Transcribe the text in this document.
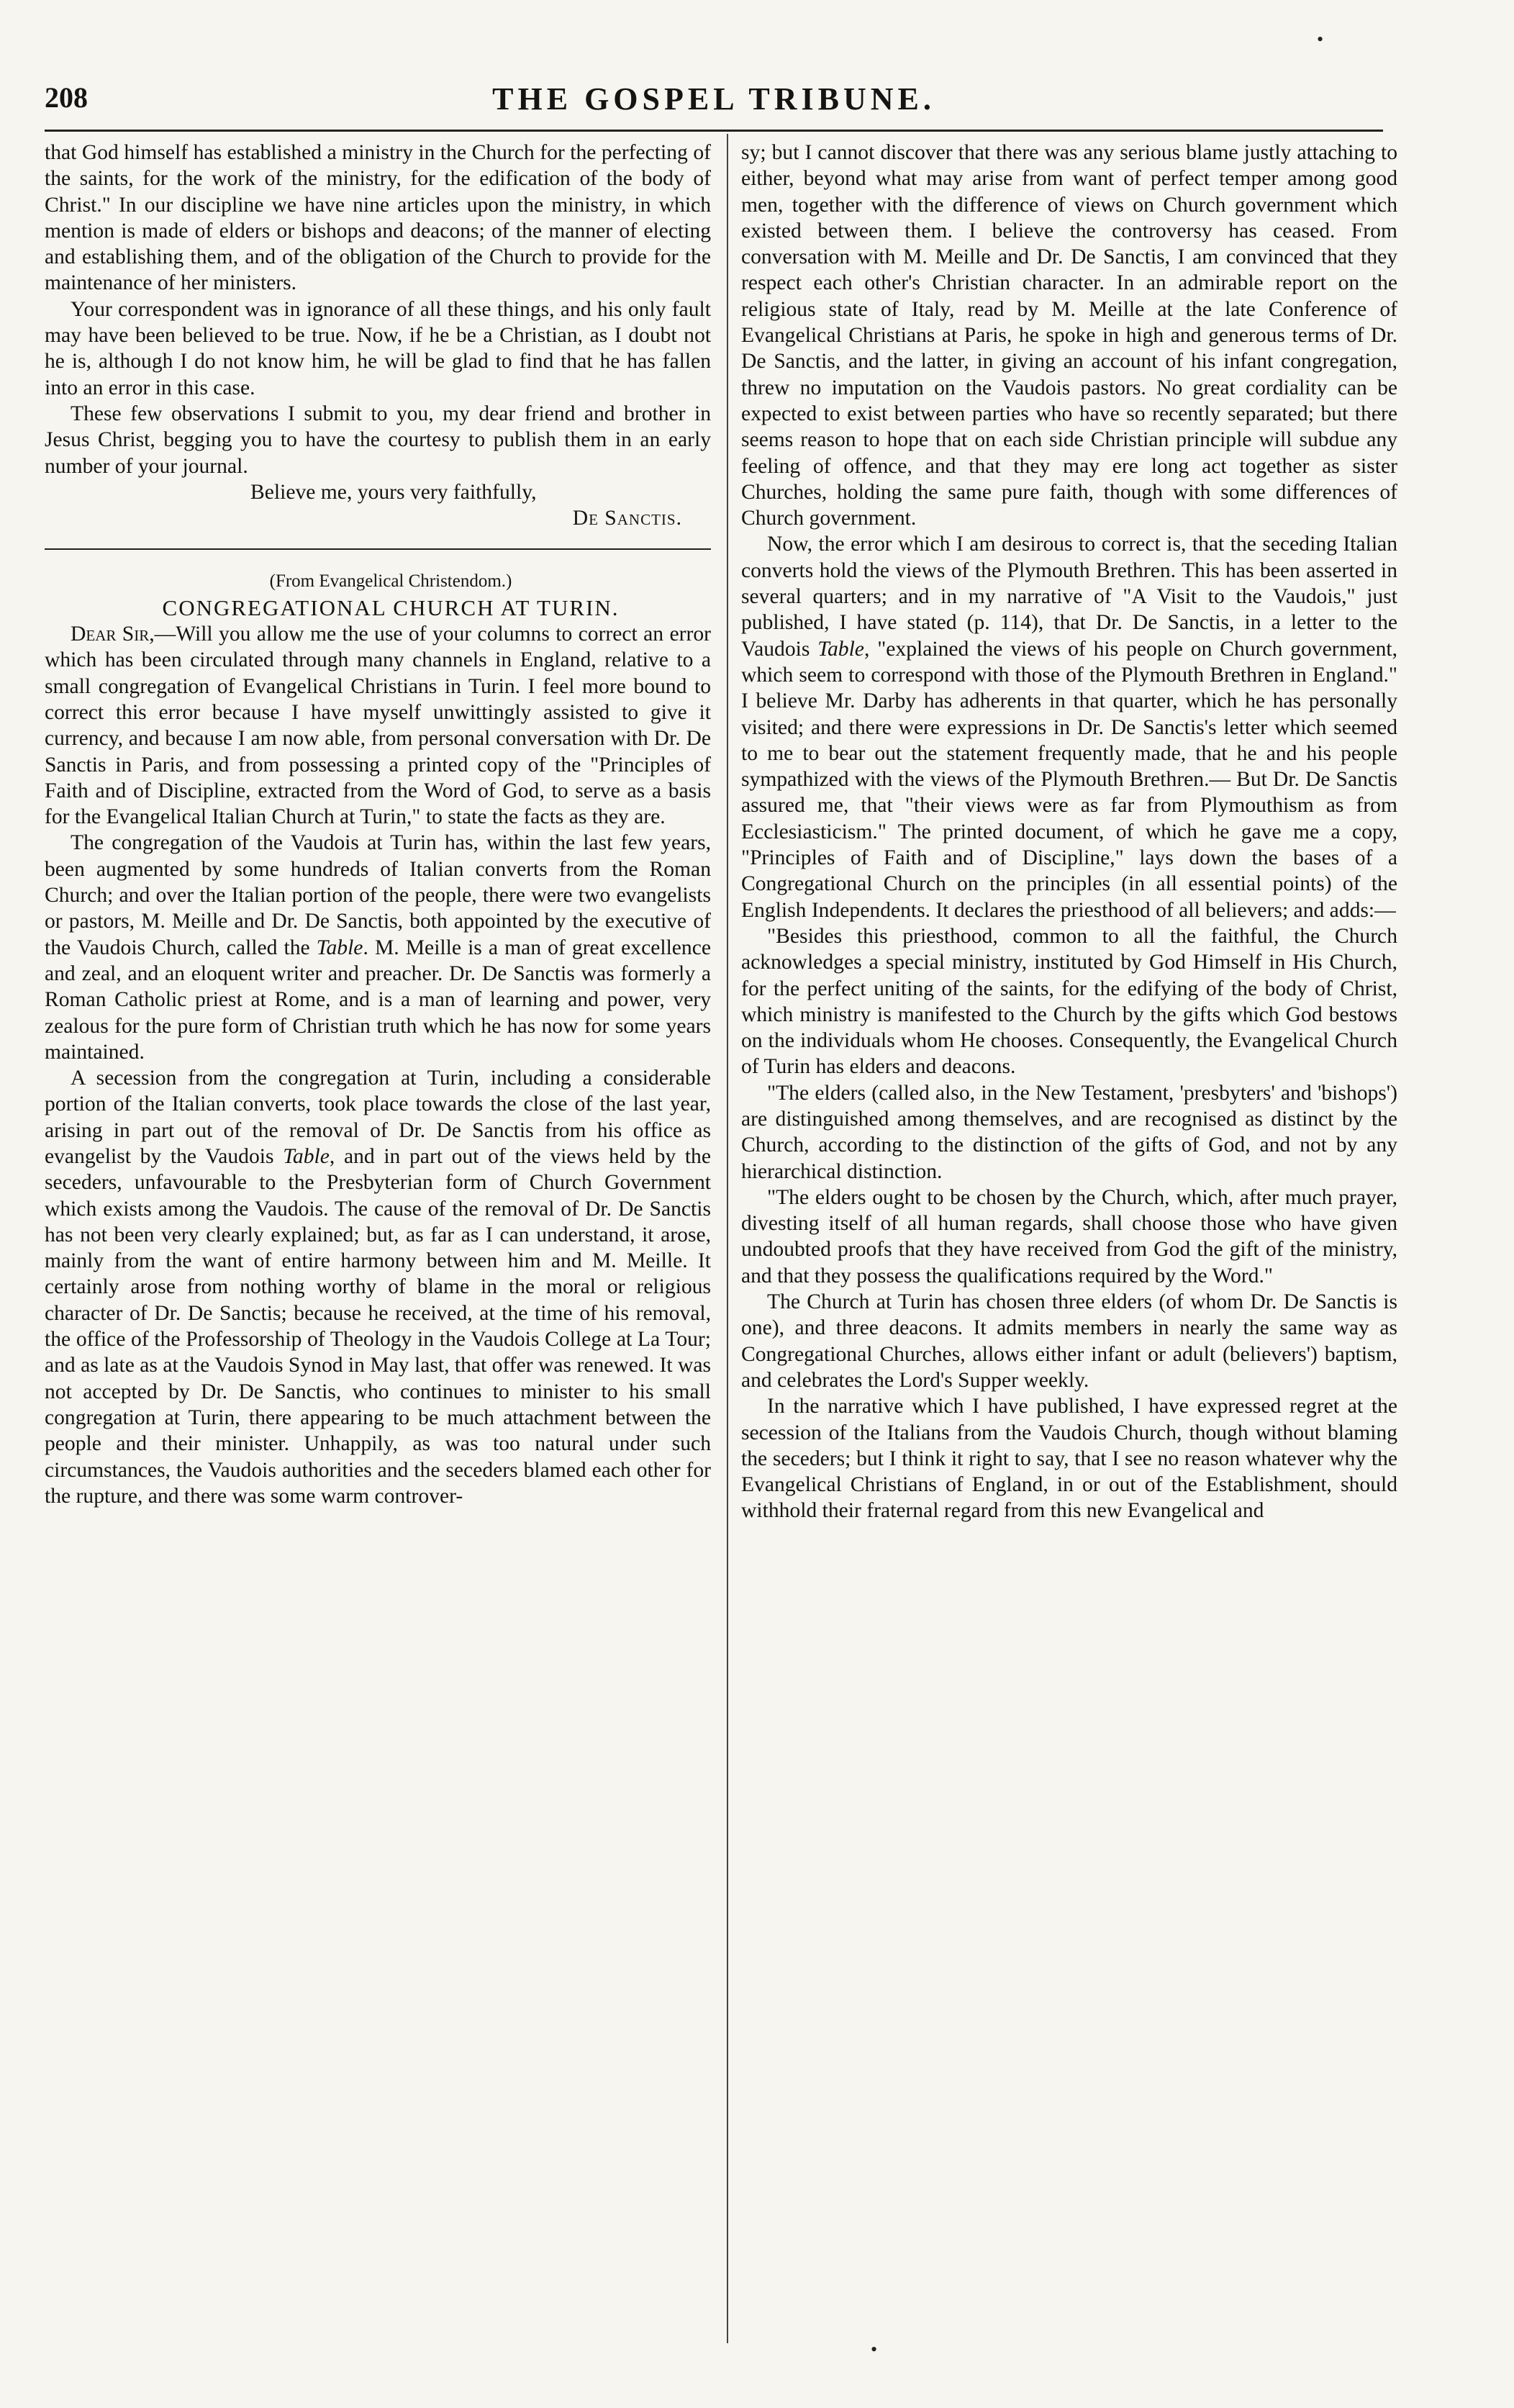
208	THE GOSPEL TRIBUNE.

that God himself has established a ministry in the Church for the perfecting of the saints, for the work of the ministry, for the edification of the body of Christ." In our discipline we have nine articles upon the ministry, in which mention is made of elders or bishops and deacons; of the manner of electing and establishing them, and of the obligation of the Church to provide for the maintenance of her ministers.

Your correspondent was in ignorance of all these things, and his only fault may have been believed to be true. Now, if he be a Christian, as I doubt not he is, although I do not know him, he will be glad to find that he has fallen into an error in this case.

These few observations I submit to you, my dear friend and brother in Jesus Christ, begging you to have the courtesy to publish them in an early number of your journal.

Believe me, yours very faithfully,

De Sanctis.

(From Evangelical Christendom.)

CONGREGATIONAL CHURCH AT TURIN.

Dear Sir,—Will you allow me the use of your columns to correct an error which has been circulated through many channels in England, relative to a small congregation of Evangelical Christians in Turin. I feel more bound to correct this error because I have myself unwittingly assisted to give it currency, and because I am now able, from personal conversation with Dr. De Sanctis in Paris, and from possessing a printed copy of the "Principles of Faith and of Discipline, extracted from the Word of God, to serve as a basis for the Evangelical Italian Church at Turin," to state the facts as they are.

The congregation of the Vaudois at Turin has, within the last few years, been augmented by some hundreds of Italian converts from the Roman Church; and over the Italian portion of the people, there were two evangelists or pastors, M. Meille and Dr. De Sanctis, both appointed by the executive of the Vaudois Church, called the Table. M. Meille is a man of great excellence and zeal, and an eloquent writer and preacher. Dr. De Sanctis was formerly a Roman Catholic priest at Rome, and is a man of learning and power, very zealous for the pure form of Christian truth which he has now for some years maintained.

A secession from the congregation at Turin, including a considerable portion of the Italian converts, took place towards the close of the last year, arising in part out of the removal of Dr. De Sanctis from his office as evangelist by the Vaudois Table, and in part out of the views held by the seceders, unfavourable to the Presbyterian form of Church Government which exists among the Vaudois. The cause of the removal of Dr. De Sanctis has not been very clearly explained; but, as far as I can understand, it arose, mainly from the want of entire harmony between him and M. Meille. It certainly arose from nothing worthy of blame in the moral or religious character of Dr. De Sanctis; because he received, at the time of his removal, the office of the Professorship of Theology in the Vaudois College at La Tour; and as late as at the Vaudois Synod in May last, that offer was renewed. It was not accepted by Dr. De Sanctis, who continues to minister to his small congregation at Turin, there appearing to be much attachment between the people and their minister. Unhappily, as was too natural under such circumstances, the Vaudois authorities and the seceders blamed each other for the rupture, and there was some warm controver-

sy; but I cannot discover that there was any serious blame justly attaching to either, beyond what may arise from want of perfect temper among good men, together with the difference of views on Church government which existed between them. I believe the controversy has ceased. From conversation with M. Meille and Dr. De Sanctis, I am convinced that they respect each other's Christian character. In an admirable report on the religious state of Italy, read by M. Meille at the late Conference of Evangelical Christians at Paris, he spoke in high and generous terms of Dr. De Sanctis, and the latter, in giving an account of his infant congregation, threw no imputation on the Vaudois pastors. No great cordiality can be expected to exist between parties who have so recently separated; but there seems reason to hope that on each side Christian principle will subdue any feeling of offence, and that they may ere long act together as sister Churches, holding the same pure faith, though with some differences of Church government.

Now, the error which I am desirous to correct is, that the seceding Italian converts hold the views of the Plymouth Brethren. This has been asserted in several quarters; and in my narrative of "A Visit to the Vaudois," just published, I have stated (p. 114), that Dr. De Sanctis, in a letter to the Vaudois Table, "explained the views of his people on Church government, which seem to correspond with those of the Plymouth Brethren in England." I believe Mr. Darby has adherents in that quarter, which he has personally visited; and there were expressions in Dr. De Sanctis's letter which seemed to me to bear out the statement frequently made, that he and his people sympathized with the views of the Plymouth Brethren.— But Dr. De Sanctis assured me, that "their views were as far from Plymouthism as from Ecclesiasticism." The printed document, of which he gave me a copy, "Principles of Faith and of Discipline," lays down the bases of a Congregational Church on the principles (in all essential points) of the English Independents. It declares the priesthood of all believers; and adds:—

"Besides this priesthood, common to all the faithful, the Church acknowledges a special ministry, instituted by God Himself in His Church, for the perfect uniting of the saints, for the edifying of the body of Christ, which ministry is manifested to the Church by the gifts which God bestows on the individuals whom He chooses. Consequently, the Evangelical Church of Turin has elders and deacons.

"The elders (called also, in the New Testament, 'presbyters' and 'bishops') are distinguished among themselves, and are recognised as distinct by the Church, according to the distinction of the gifts of God, and not by any hierarchical distinction.

"The elders ought to be chosen by the Church, which, after much prayer, divesting itself of all human regards, shall choose those who have given undoubted proofs that they have received from God the gift of the ministry, and that they possess the qualifications required by the Word."

The Church at Turin has chosen three elders (of whom Dr. De Sanctis is one), and three deacons. It admits members in nearly the same way as Congregational Churches, allows either infant or adult (believers') baptism, and celebrates the Lord's Supper weekly.

In the narrative which I have published, I have expressed regret at the secession of the Italians from the Vaudois Church, though without blaming the seceders; but I think it right to say, that I see no reason whatever why the Evangelical Christians of England, in or out of the Establishment, should withhold their fraternal regard from this new Evangelical and

•
•
